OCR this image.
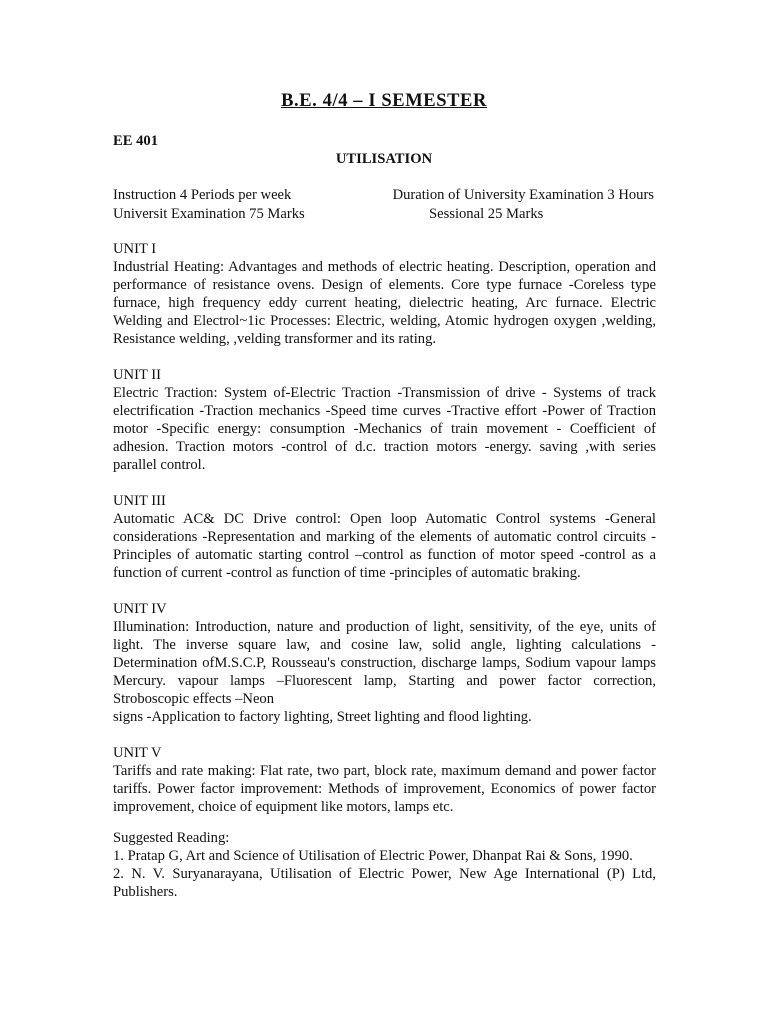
B.E. 4/4 – I SEMESTER
EE 401
UTILISATION
Instruction 4 Periods per week	Duration of University Examination 3 Hours
Universit Examination 75 Marks	Sessional 25 Marks
UNIT I
Industrial Heating: Advantages and methods of electric heating. Description, operation and performance of resistance ovens. Design of elements. Core type furnace -Coreless type furnace, high frequency eddy current heating, dielectric heating, Arc furnace. Electric Welding and Electrol~1ic Processes: Electric, welding, Atomic hydrogen oxygen ,welding, Resistance welding, ,velding transformer and its rating.
UNIT II
Electric Traction: System of-Electric Traction -Transmission of drive - Systems of track electrification -Traction mechanics -Speed time curves -Tractive effort -Power of Traction motor -Specific energy: consumption -Mechanics of train movement - Coefficient of adhesion. Traction motors -control of d.c. traction motors -energy. saving ,with series parallel control.
UNIT III
Automatic AC& DC Drive control: Open loop Automatic Control systems -General considerations -Representation and marking of the elements of automatic control circuits -Principles of automatic starting control –control as function of motor speed -control as a function of current -control as function of time -principles of automatic braking.
UNIT IV
Illumination: Introduction, nature and production of light, sensitivity, of the eye, units of light. The inverse square law, and cosine law, solid angle, lighting calculations - Determination ofM.S.C.P, Rousseau's construction, discharge lamps, Sodium vapour lamps Mercury. vapour lamps –Fluorescent lamp, Starting and power factor correction, Stroboscopic effects –Neon
signs -Application to factory lighting, Street lighting and flood lighting.
UNIT V
Tariffs and rate making: Flat rate, two part, block rate, maximum demand and power factor tariffs. Power factor improvement: Methods of improvement, Economics of power factor improvement, choice of equipment like motors, lamps etc.
Suggested Reading:
1. Pratap G, Art and Science of Utilisation of Electric Power, Dhanpat Rai & Sons, 1990.
2. N. V. Suryanarayana, Utilisation of Electric Power, New Age International (P) Ltd, Publishers.
